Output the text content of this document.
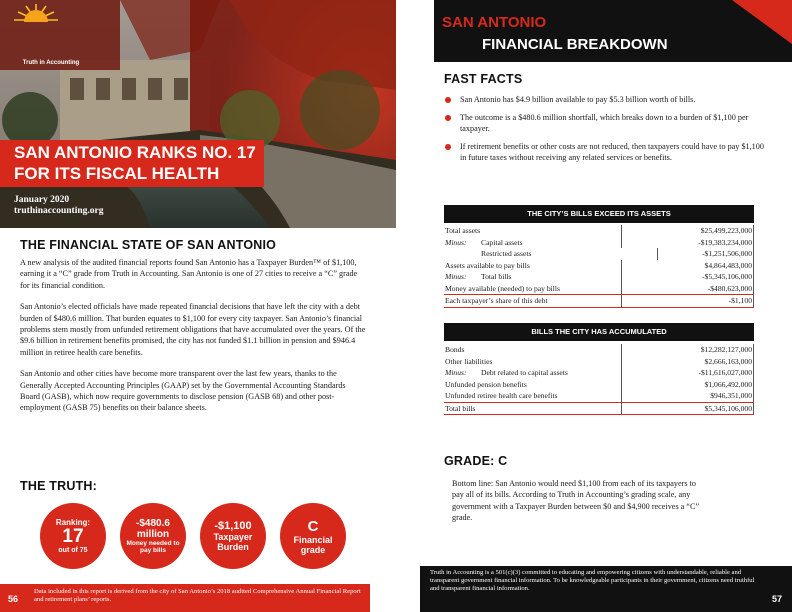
Truth in Accounting
SAN ANTONIO RANKS NO. 17
FOR ITS FISCAL HEALTH
January 2020
truthinaccounting.org
THE FINANCIAL STATE OF SAN ANTONIO

A new analysis of the audited financial reports found San Antonio has a Taxpayer Burden™ of $1,100, earning it a “C” grade from Truth in Accounting. San Antonio is one of 27 cities to receive a “C” grade for its financial condition.

San Antonio’s elected officials have made repeated financial decisions that have left the city with a debt burden of $480.6 million. That burden equates to $1,100 for every city taxpayer. San Antonio’s financial problems stem mostly from unfunded retirement obligations that have accumulated over the years. Of the $9.6 billion in retirement benefits promised, the city has not funded $1.1 billion in pension and $946.4 million in retiree health care benefits.

San Antonio and other cities have become more transparent over the last few years, thanks to the Generally Accepted Accounting Principles (GAAP) set by the Governmental Accounting Standards Board (GASB), which now require governments to disclose pension (GASB 68) and other post-employment (GASB 75) benefits on their balance sheets.

THE TRUTH:
Ranking:
17
out of 75
-$480.6
million
Money needed to pay bills
-$1,100
Taxpayer
Burden
C
Financial
grade
56
Data included in this report is derived from the city of San Antonio’s 2018 audited Comprehensive Annual Financial Report and retirement plans’ reports.
SAN ANTONIO
FINANCIAL BREAKDOWN
FAST FACTS
San Antonio has $4.9 billion available to pay $5.3 billion worth of bills.
The outcome is a $480.6 million shortfall, which breaks down to a burden of $1,100 per taxpayer.
If retirement benefits or other costs are not reduced, then taxpayers could have to pay $1,100 in future taxes without receiving any related services or benefits.
THE CITY’S BILLS EXCEED ITS ASSETS
Total assets	$25,499,223,000
Minus: Capital assets	-$19,383,234,000
Restricted assets	-$1,251,506,000
Assets available to pay bills	$4,864,483,000
Minus: Total bills	-$5,345,106,000
Money available (needed) to pay bills	-$480,623,000
Each taxpayer’s share of this debt	-$1,100
BILLS THE CITY HAS ACCUMULATED
Bonds	$12,282,127,000
Other liabilities	$2,666,163,000
Minus: Debt related to capital assets	-$11,616,027,000
Unfunded pension benefits	$1,066,492,000
Unfunded retiree health care benefits	$946,351,000
Total bills	$5,345,106,000
GRADE: C
Bottom line: San Antonio would need $1,100 from each of its taxpayers to pay all of its bills. According to Truth in Accounting’s grading scale, any government with a Taxpayer Burden between $0 and $4,900 receives a “C” grade.
Truth in Accounting is a 501(c)(3) committed to educating and empowering citizens with understandable, reliable and transparent government financial information. To be knowledgeable participants in their government, citizens need truthful and transparent financial information.
57
